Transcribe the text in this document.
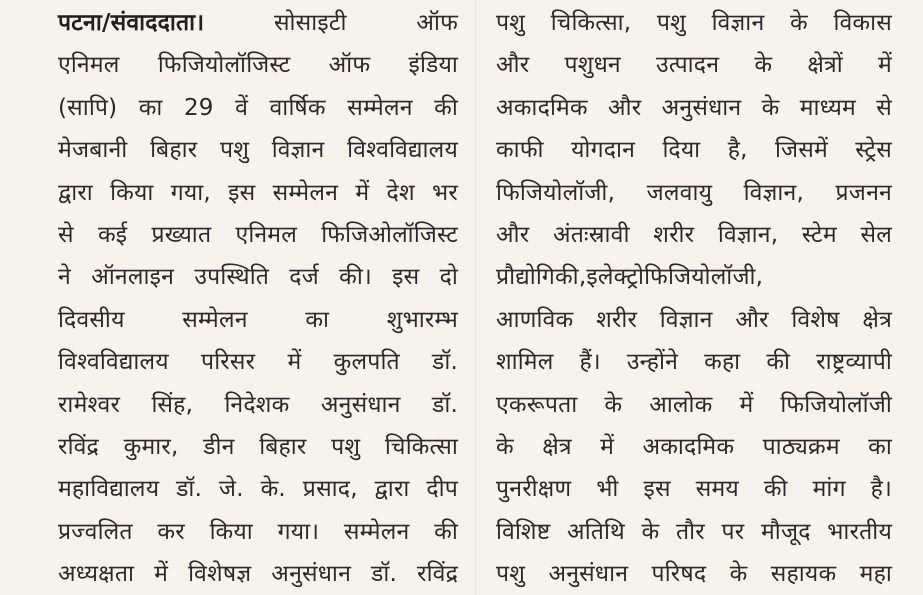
पटना/संवाददाता।	सोसाइटी ऑफ
एनिमल फिजियोलॉजिस्ट ऑफ इंडिया
(सापि) का 29 वें वार्षिक सम्मेलन की
मेजबानी बिहार पशु विज्ञान विश्वविद्यालय
द्वारा किया गया, इस सम्मेलन में देश भर
से कई प्रख्यात एनिमल फिजिओलॉजिस्ट
ने ऑनलाइन उपस्थिति दर्ज की। इस दो
दिवसीय सम्मेलन का शुभारम्भ
विश्वविद्यालय परिसर में कुलपति डॉ.
रामेश्वर सिंह, निदेशक अनुसंधान डॉ.
रविंद्र कुमार, डीन बिहार पशु चिकित्सा
महाविद्यालय डॉ. जे. के. प्रसाद, द्वारा दीप
प्रज्वलित कर किया गया। सम्मेलन की
अध्यक्षता में विशेषज्ञ अनुसंधान डॉ. रविंद्र
पशु चिकित्सा, पशु विज्ञान के विकास
और पशुधन उत्पादन के क्षेत्रों में
अकादमिक और अनुसंधान के माध्यम से
काफी योगदान दिया है, जिसमें स्ट्रेस
फिजियोलॉजी, जलवायु विज्ञान, प्रजनन
और अंतःस्रावी शरीर विज्ञान, स्टेम सेल
प्रौद्योगिकी,इलेक्ट्रोफिजियोलॉजी,
आणविक शरीर विज्ञान और विशेष क्षेत्र
शामिल हैं। उन्होंने कहा की राष्ट्रव्यापी
एकरूपता के आलोक में फिजियोलॉजी
के क्षेत्र में अकादमिक पाठ्यक्रम का
पुनरीक्षण भी इस समय की मांग है।
विशिष्ट अतिथि के तौर पर मौजूद भारतीय
पशु अनुसंधान परिषद के सहायक महा
